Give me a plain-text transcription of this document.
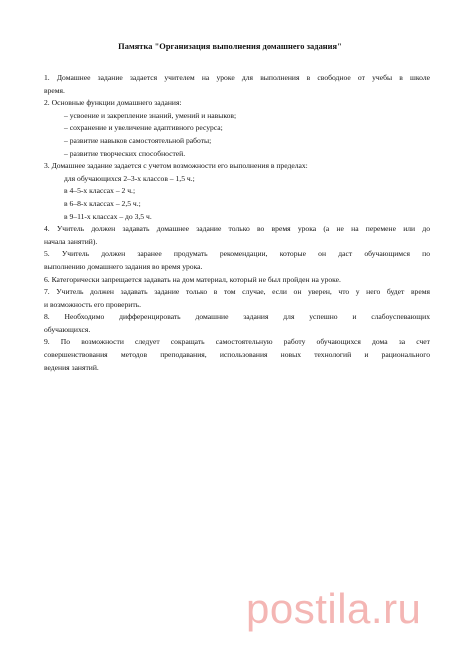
Памятка "Организация выполнения домашнего задания"
1. Домашнее задание задается учителем на уроке для выполнения в свободное от учебы в школе
время.
2. Основные функции домашнего задания:
– усвоение и закрепление знаний, умений и навыков;
– сохранение и увеличение адаптивного ресурса;
– развитие навыков самостоятельной работы;
– развитие творческих способностей.
3. Домашнее задание задается с учетом возможности его выполнения в пределах:
для обучающихся 2–3-х классов – 1,5 ч.;
в 4–5-х классах – 2 ч.;
в 6–8-х классах – 2,5 ч.;
в 9–11-х классах – до 3,5 ч.
4. Учитель должен задавать домашнее задание только во время урока (а не на перемене или до
начала занятий).
5. Учитель должен заранее продумать рекомендации, которые он даст обучающимся по
выполнению домашнего задания во время урока.
6. Категорически запрещается задавать на дом материал, который не был пройден на уроке.
7. Учитель должен задавать задание только в том случае, если он уверен, что у него будет время
и возможность его проверить.
8. Необходимо дифференцировать домашние задания для успешно и слабоуспевающих
обучающихся.
9. По возможности следует сокращать самостоятельную работу обучающихся дома за счет
совершенствования методов преподавания, использования новых технологий и рационального
ведения занятий.
postila.ru
